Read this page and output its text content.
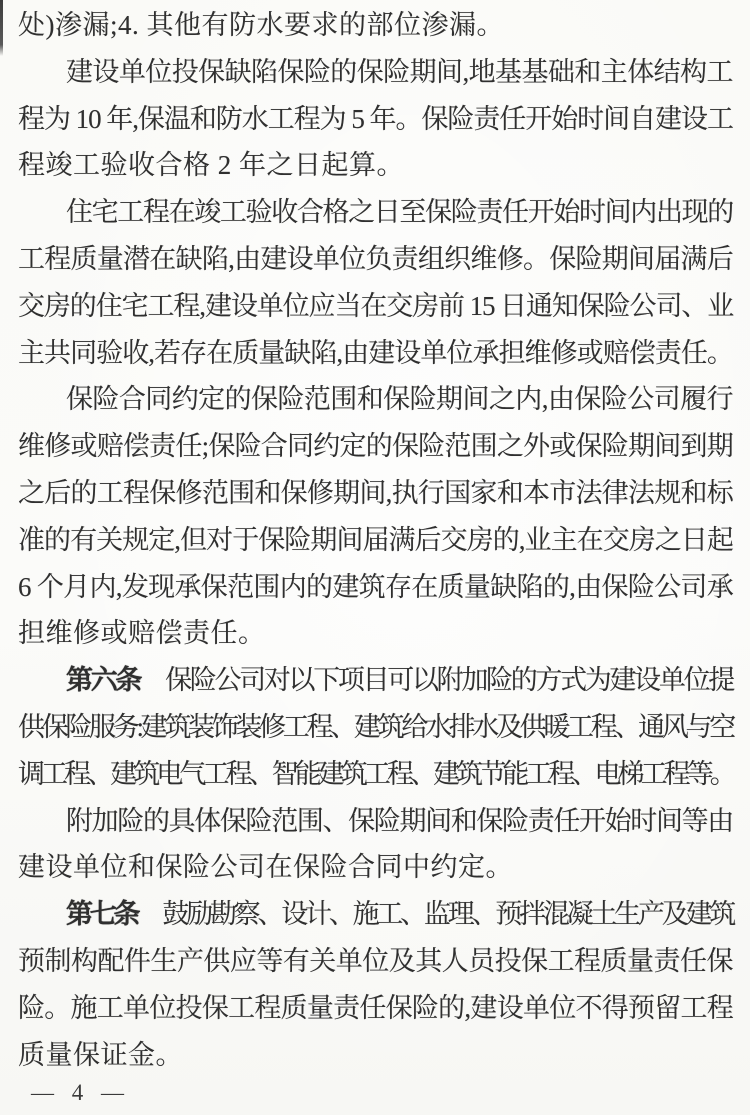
处)渗漏;4. 其他有防水要求的部位渗漏。
建设单位投保缺陷保险的保险期间,地基基础和主体结构工
程为 10 年,保温和防水工程为 5 年。保险责任开始时间自建设工
程竣工验收合格 2 年之日起算。
住宅工程在竣工验收合格之日至保险责任开始时间内出现的
工程质量潜在缺陷,由建设单位负责组织维修。保险期间届满后
交房的住宅工程,建设单位应当在交房前 15 日通知保险公司、业
主共同验收,若存在质量缺陷,由建设单位承担维修或赔偿责任。
保险合同约定的保险范围和保险期间之内,由保险公司履行
维修或赔偿责任;保险合同约定的保险范围之外或保险期间到期
之后的工程保修范围和保修期间,执行国家和本市法律法规和标
准的有关规定,但对于保险期间届满后交房的,业主在交房之日起
6 个月内,发现承保范围内的建筑存在质量缺陷的,由保险公司承
担维修或赔偿责任。
第六条 保险公司对以下项目可以附加险的方式为建设单位提
供保险服务:建筑装饰装修工程、建筑给水排水及供暖工程、通风与空
调工程、建筑电气工程、智能建筑工程、建筑节能工程、电梯工程等。
附加险的具体保险范围、保险期间和保险责任开始时间等由
建设单位和保险公司在保险合同中约定。
第七条 鼓励勘察、设计、施工、监理、预拌混凝土生产及建筑
预制构配件生产供应等有关单位及其人员投保工程质量责任保
险。施工单位投保工程质量责任保险的,建设单位不得预留工程
质量保证金。
— 4 —
